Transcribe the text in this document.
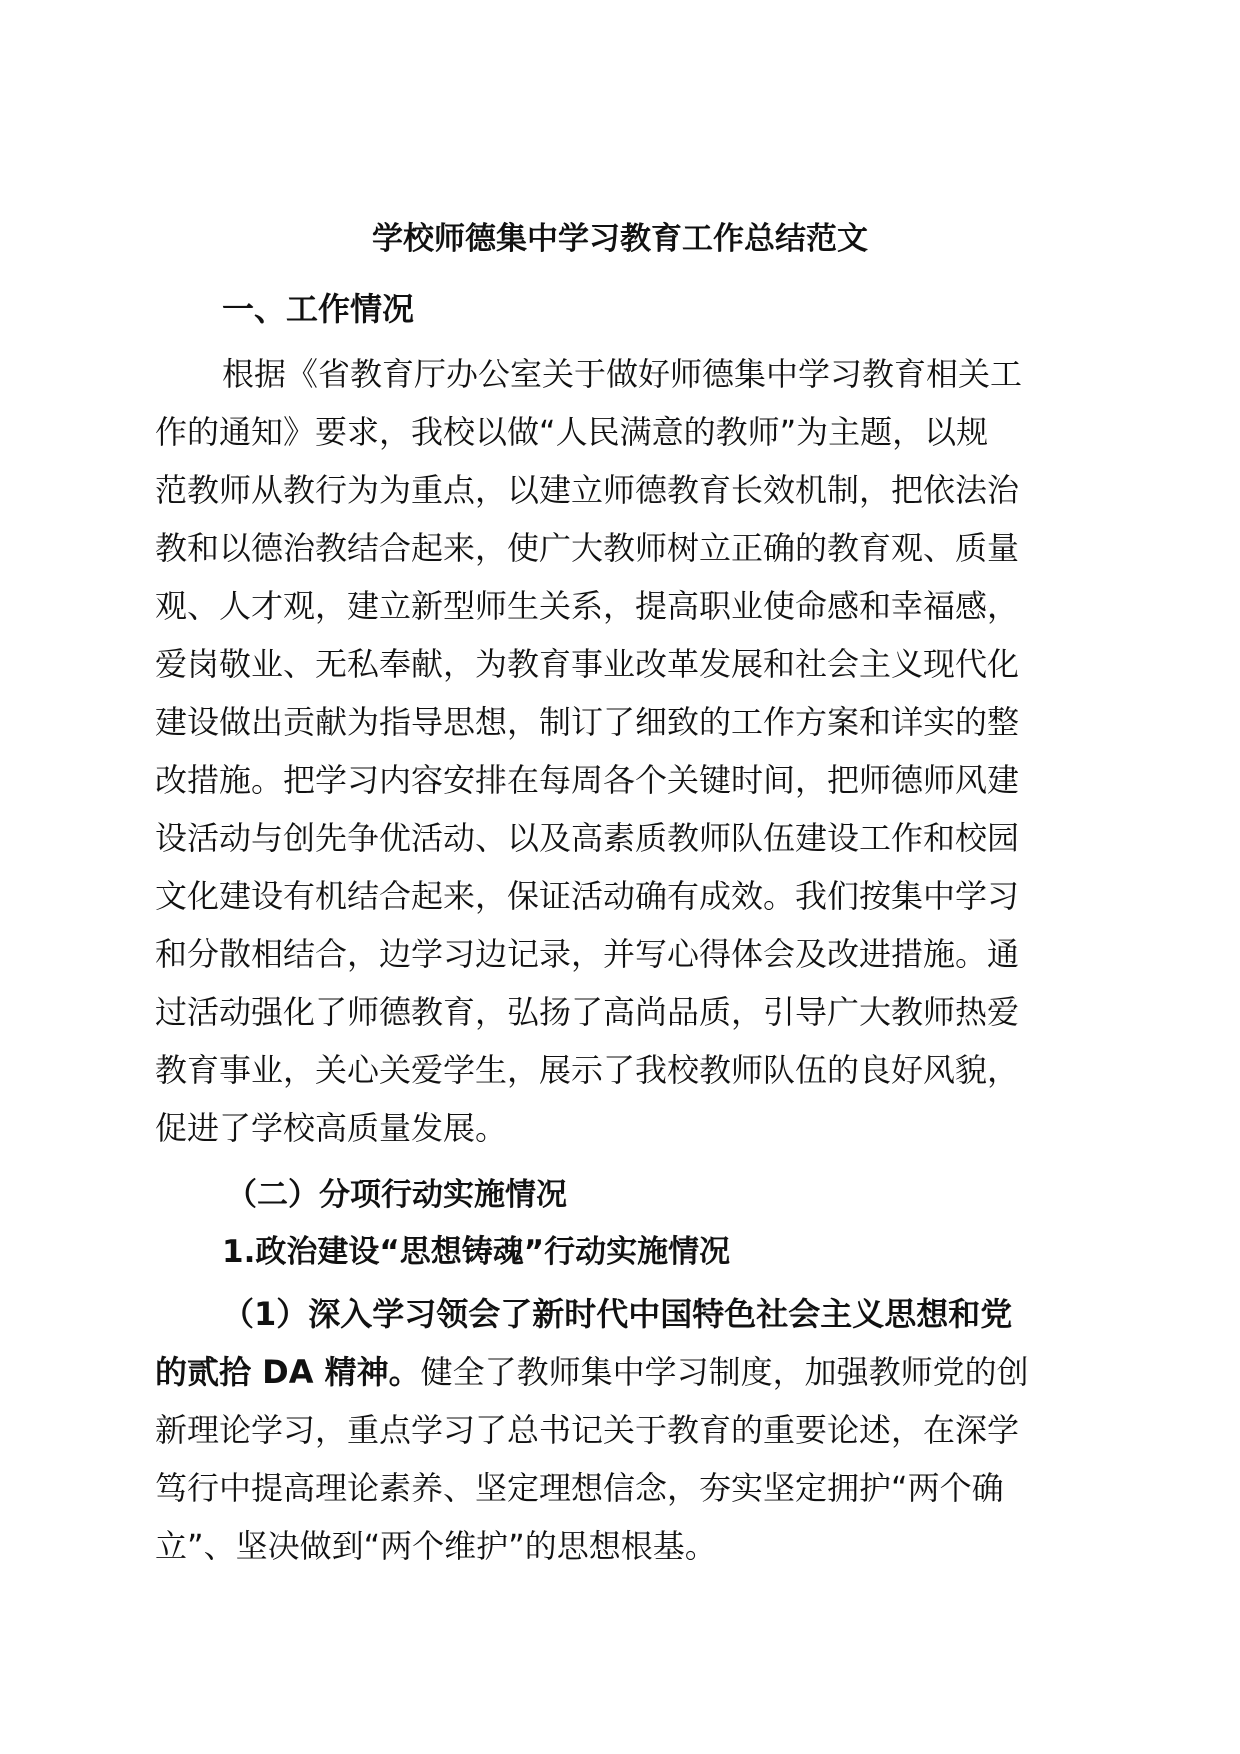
学校师德集中学习教育工作总结范文
一、工作情况
根据《省教育厅办公室关于做好师德集中学习教育相关工
作的通知》要求，我校以做“人民满意的教师”为主题，以规
范教师从教行为为重点，以建立师德教育长效机制，把依法治
教和以德治教结合起来，使广大教师树立正确的教育观、质量
观、人才观，建立新型师生关系，提高职业使命感和幸福感，
爱岗敬业、无私奉献，为教育事业改革发展和社会主义现代化
建设做出贡献为指导思想，制订了细致的工作方案和详实的整
改措施。把学习内容安排在每周各个关键时间，把师德师风建
设活动与创先争优活动、以及高素质教师队伍建设工作和校园
文化建设有机结合起来，保证活动确有成效。我们按集中学习
和分散相结合，边学习边记录，并写心得体会及改进措施。通
过活动强化了师德教育，弘扬了高尚品质，引导广大教师热爱
教育事业，关心关爱学生，展示了我校教师队伍的良好风貌，
促进了学校高质量发展。
（二）分项行动实施情况
1.政治建设“思想铸魂”行动实施情况
（1）深入学习领会了新时代中国特色社会主义思想和党
的贰拾 DA 精神。健全了教师集中学习制度，加强教师党的创
新理论学习，重点学习了总书记关于教育的重要论述，在深学
笃行中提高理论素养、坚定理想信念，夯实坚定拥护“两个确
立”、坚决做到“两个维护”的思想根基。
